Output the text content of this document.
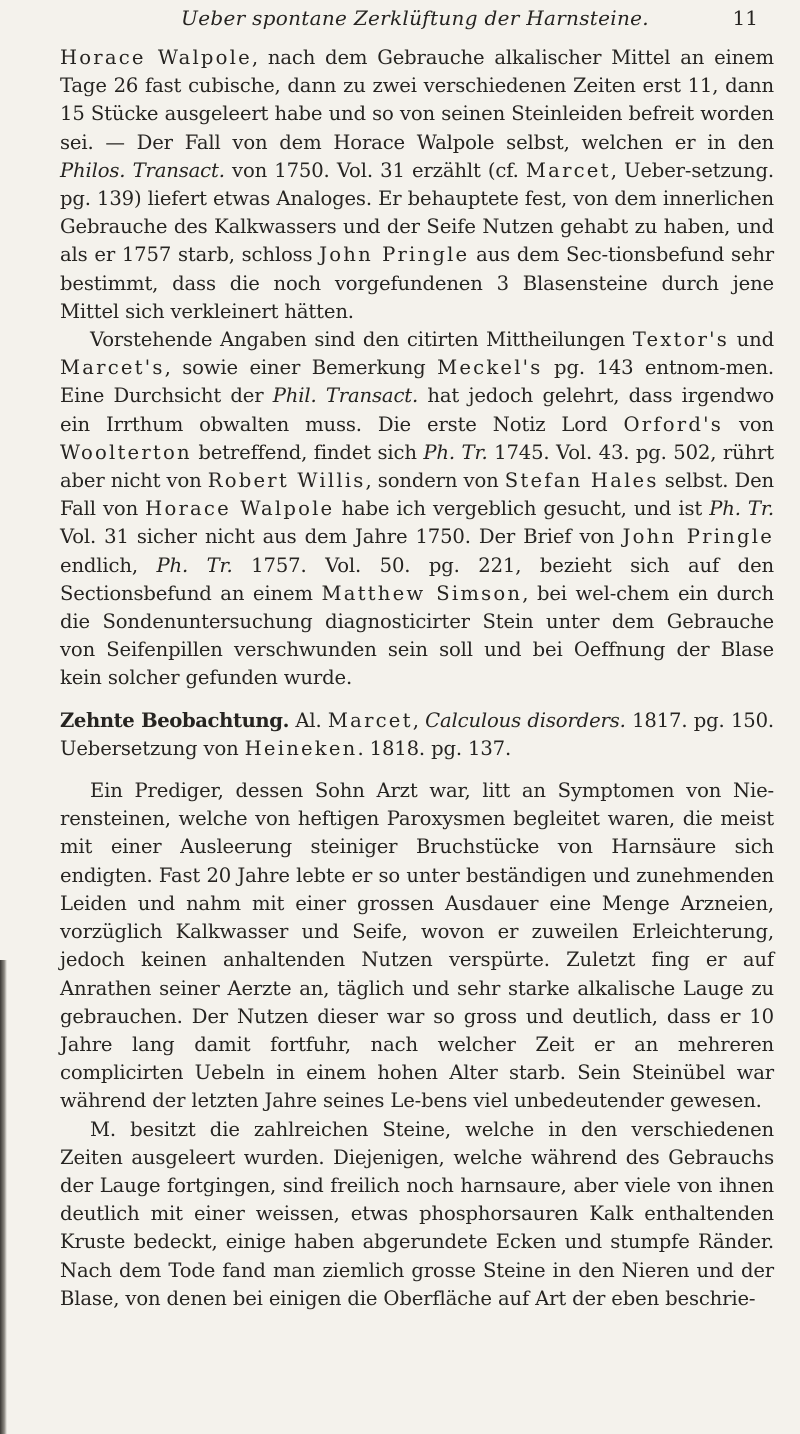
Ueber spontane Zerklüftung der Harnsteine.	11

Horace Walpole, nach dem Gebrauche alkalischer Mittel an einem Tage 26 fast cubische, dann zu zwei verschiedenen Zeiten erst 11, dann 15 Stücke ausgeleert habe und so von seinen Steinleiden befreit worden sei. — Der Fall von dem Horace Walpole selbst, welchen er in den Philos. Transact. von 1750. Vol. 31 erzählt (cf. Marcet, Ueber-setzung. pg. 139) liefert etwas Analoges. Er behauptete fest, von dem innerlichen Gebrauche des Kalkwassers und der Seife Nutzen gehabt zu haben, und als er 1757 starb, schloss John Pringle aus dem Sec-tionsbefund sehr bestimmt, dass die noch vorgefundenen 3 Blasensteine durch jene Mittel sich verkleinert hätten.

Vorstehende Angaben sind den citirten Mittheilungen Textor's und Marcet's, sowie einer Bemerkung Meckel's pg. 143 entnom-men. Eine Durchsicht der Phil. Transact. hat jedoch gelehrt, dass irgendwo ein Irrthum obwalten muss. Die erste Notiz Lord Orford's von Woolterton betreffend, findet sich Ph. Tr. 1745. Vol. 43. pg. 502, rührt aber nicht von Robert Willis, sondern von Stefan Hales selbst. Den Fall von Horace Walpole habe ich vergeblich gesucht, und ist Ph. Tr. Vol. 31 sicher nicht aus dem Jahre 1750. Der Brief von John Pringle endlich, Ph. Tr. 1757. Vol. 50. pg. 221, bezieht sich auf den Sectionsbefund an einem Matthew Simson, bei wel-chem ein durch die Sondenuntersuchung diagnosticirter Stein unter dem Gebrauche von Seifenpillen verschwunden sein soll und bei Oeffnung der Blase kein solcher gefunden wurde.

Zehnte Beobachtung. Al. Marcet, Calculous disorders. 1817. pg. 150. Uebersetzung von Heineken. 1818. pg. 137.

Ein Prediger, dessen Sohn Arzt war, litt an Symptomen von Nie-rensteinen, welche von heftigen Paroxysmen begleitet waren, die meist mit einer Ausleerung steiniger Bruchstücke von Harnsäure sich endigten. Fast 20 Jahre lebte er so unter beständigen und zunehmenden Leiden und nahm mit einer grossen Ausdauer eine Menge Arzneien, vorzüglich Kalkwasser und Seife, wovon er zuweilen Erleichterung, jedoch keinen anhaltenden Nutzen verspürte. Zuletzt fing er auf Anrathen seiner Aerzte an, täglich und sehr starke alkalische Lauge zu gebrauchen. Der Nutzen dieser war so gross und deutlich, dass er 10 Jahre lang damit fortfuhr, nach welcher Zeit er an mehreren complicirten Uebeln in einem hohen Alter starb. Sein Steinübel war während der letzten Jahre seines Le-bens viel unbedeutender gewesen.

M. besitzt die zahlreichen Steine, welche in den verschiedenen Zeiten ausgeleert wurden. Diejenigen, welche während des Gebrauchs der Lauge fortgingen, sind freilich noch harnsaure, aber viele von ihnen deutlich mit einer weissen, etwas phosphorsauren Kalk enthaltenden Kruste bedeckt, einige haben abgerundete Ecken und stumpfe Ränder. Nach dem Tode fand man ziemlich grosse Steine in den Nieren und der Blase, von denen bei einigen die Oberfläche auf Art der eben beschrie-
